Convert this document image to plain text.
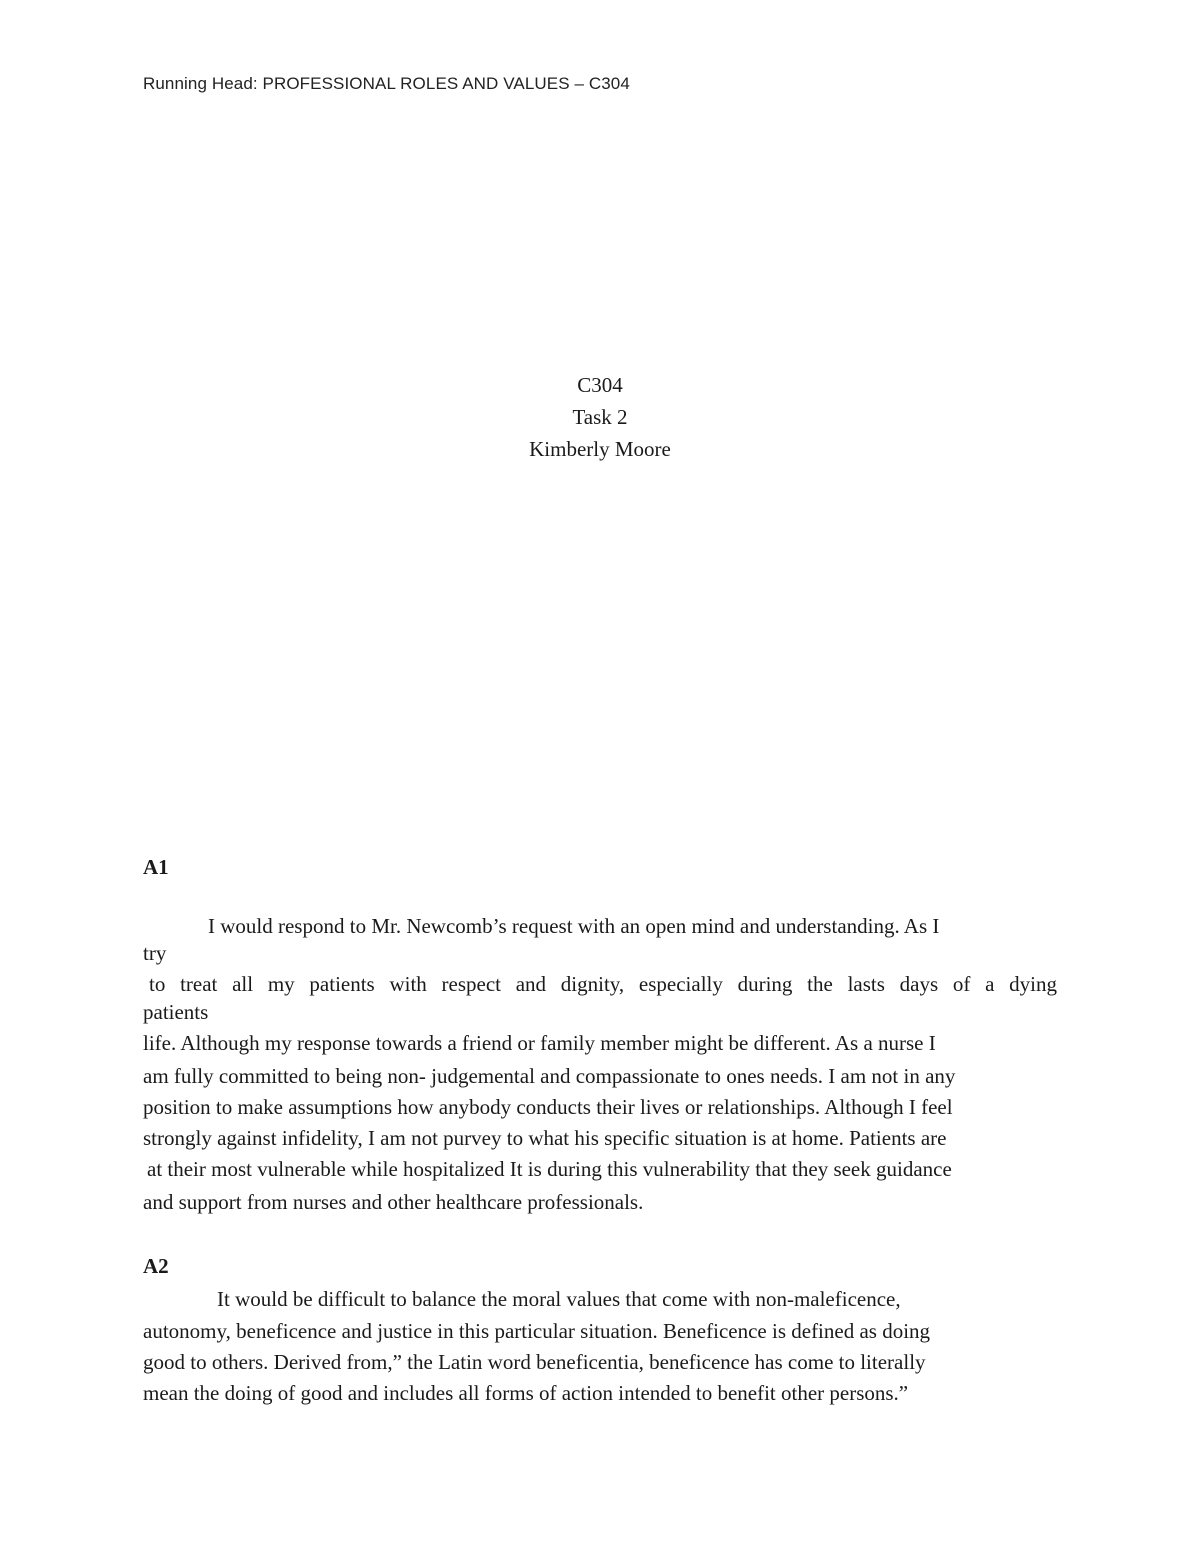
Running Head: PROFESSIONAL ROLES AND VALUES – C304
C304
Task 2
Kimberly Moore
A1
I would respond to Mr. Newcomb’s request with an open mind and understanding. As I
try
to treat all my patients with respect and dignity, especially during the lasts days of a dying
patients
life. Although my response towards a friend or family member might be different. As a nurse I
am fully committed to being non- judgemental and compassionate to ones needs. I am not in any
position to make assumptions how anybody conducts their lives or relationships. Although I feel
strongly against infidelity, I am not purvey to what his specific situation is at home. Patients are
at their most vulnerable while hospitalized It is during this vulnerability that they seek guidance
and support from nurses and other healthcare professionals.
A2
It would be difficult to balance the moral values that come with non-maleficence,
autonomy, beneficence and justice in this particular situation. Beneficence is defined as doing
good to others. Derived from,” the Latin word beneficentia, beneficence has come to literally
mean the doing of good and includes all forms of action intended to benefit other persons.”
